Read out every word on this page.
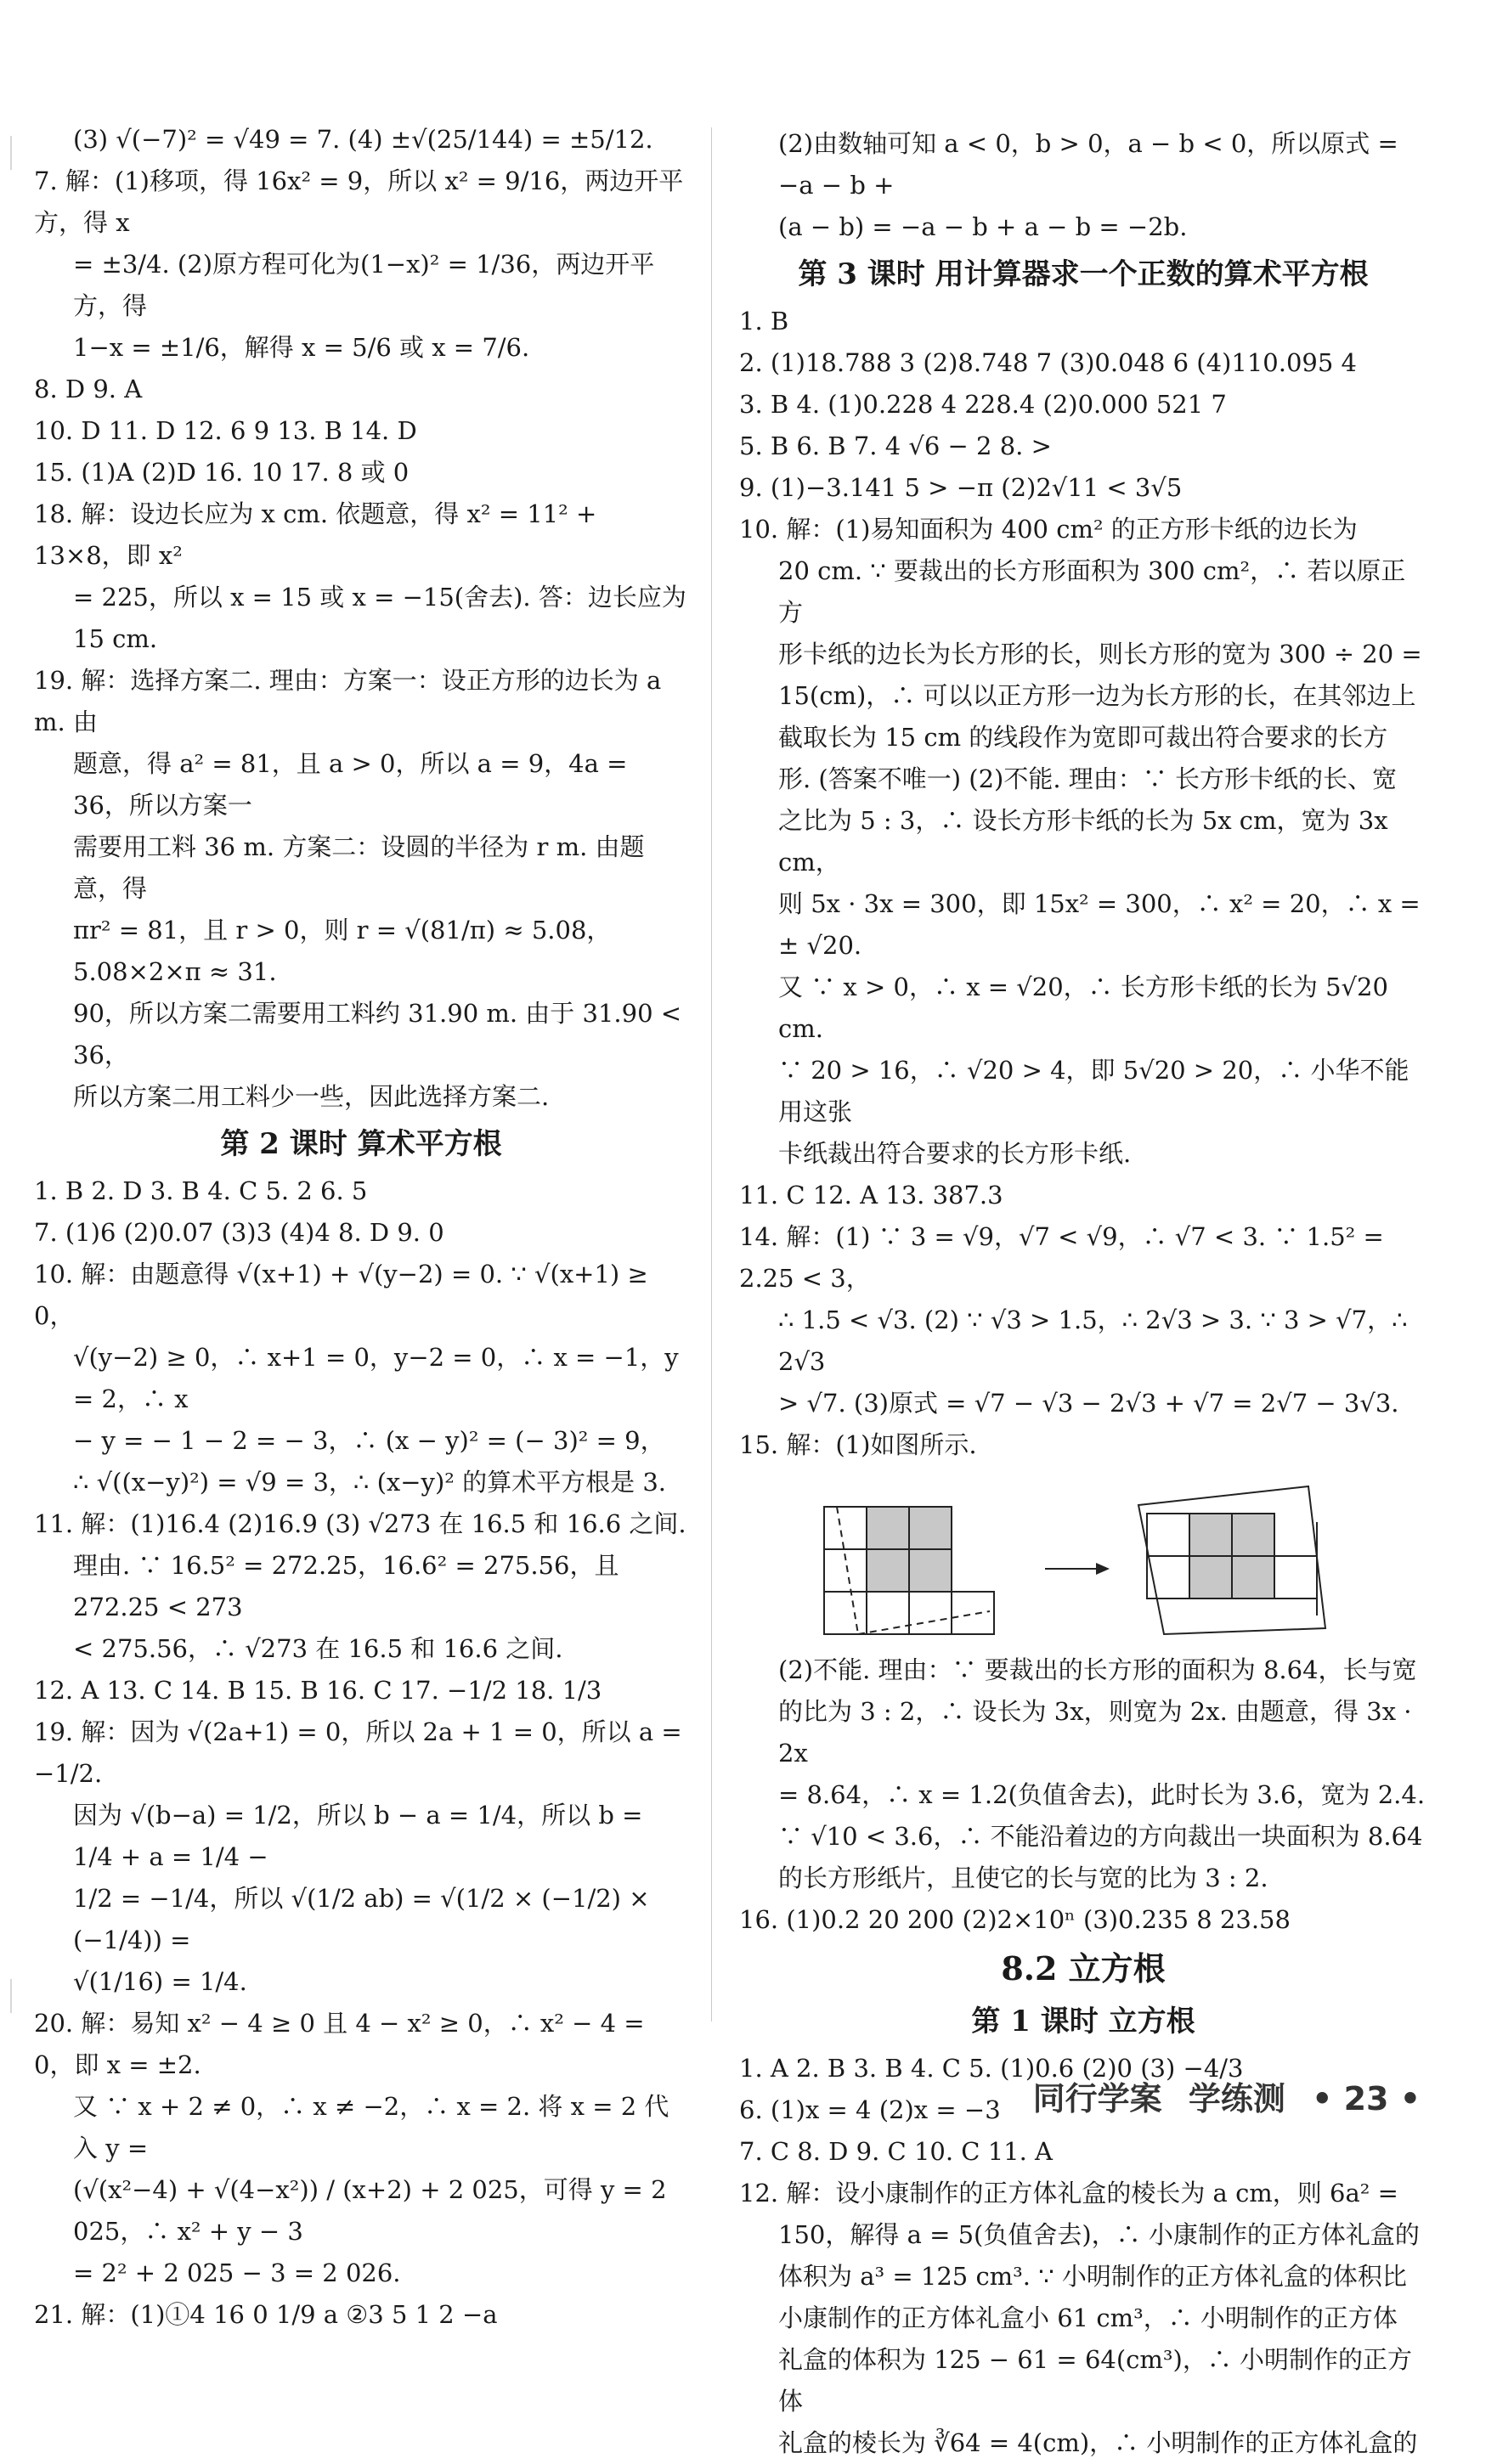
(3) √(−7)² = √49 = 7. (4) ±√(25/144) = ±5/12.

7. 解：(1)移项，得 16x² = 9，所以 x² = 9/16，两边开平方，得 x

= ±3/4. (2)原方程可化为(1−x)² = 1/36，两边开平方，得

1−x = ±1/6，解得 x = 5/6 或 x = 7/6.

8. D 9. A

10. D 11. D 12. 6 9 13. B 14. D

15. (1)A (2)D 16. 10 17. 8 或 0

18. 解：设边长应为 x cm. 依题意，得 x² = 11² + 13×8，即 x²

= 225，所以 x = 15 或 x = −15(舍去). 答：边长应为

15 cm.

19. 解：选择方案二. 理由：方案一：设正方形的边长为 a m. 由

题意，得 a² = 81，且 a > 0，所以 a = 9，4a = 36，所以方案一

需要用工料 36 m. 方案二：设圆的半径为 r m. 由题意，得

πr² = 81，且 r > 0，则 r = √(81/π) ≈ 5.08，5.08×2×π ≈ 31.

90，所以方案二需要用工料约 31.90 m. 由于 31.90 < 36，

所以方案二用工料少一些，因此选择方案二.

第 2 课时 算术平方根

1. B 2. D 3. B 4. C 5. 2 6. 5

7. (1)6 (2)0.07 (3)3 (4)4 8. D 9. 0

10. 解：由题意得 √(x+1) + √(y−2) = 0. ∵ √(x+1) ≥ 0，

√(y−2) ≥ 0，∴ x+1 = 0，y−2 = 0，∴ x = −1，y = 2，∴ x

− y = − 1 − 2 = − 3，∴ (x − y)² = (− 3)² = 9，

∴ √((x−y)²) = √9 = 3，∴ (x−y)² 的算术平方根是 3.

11. 解：(1)16.4 (2)16.9 (3) √273 在 16.5 和 16.6 之间.

理由. ∵ 16.5² = 272.25，16.6² = 275.56，且 272.25 < 273

< 275.56，∴ √273 在 16.5 和 16.6 之间.

12. A 13. C 14. B 15. B 16. C 17. −1/2 18. 1/3

19. 解：因为 √(2a+1) = 0，所以 2a + 1 = 0，所以 a = −1/2.

因为 √(b−a) = 1/2，所以 b − a = 1/4，所以 b = 1/4 + a = 1/4 −

1/2 = −1/4，所以 √(1/2 ab) = √(1/2 × (−1/2) × (−1/4)) =

√(1/16) = 1/4.

20. 解：易知 x² − 4 ≥ 0 且 4 − x² ≥ 0，∴ x² − 4 = 0，即 x = ±2.

又 ∵ x + 2 ≠ 0，∴ x ≠ −2，∴ x = 2. 将 x = 2 代入 y =

(√(x²−4) + √(4−x²)) / (x+2) + 2 025，可得 y = 2 025，∴ x² + y − 3

= 2² + 2 025 − 3 = 2 026.

21. 解：(1)①4 16 0 1/9 a ②3 5 1 2 −a

(2)由数轴可知 a < 0，b > 0，a − b < 0，所以原式 = −a − b +

(a − b) = −a − b + a − b = −2b.

第 3 课时 用计算器求一个正数的算术平方根

1. B

2. (1)18.788 3 (2)8.748 7 (3)0.048 6 (4)110.095 4

3. B 4. (1)0.228 4 228.4 (2)0.000 521 7

5. B 6. B 7. 4 √6 − 2 8. >

9. (1)−3.141 5 > −π (2)2√11 < 3√5

10. 解：(1)易知面积为 400 cm² 的正方形卡纸的边长为

20 cm. ∵ 要裁出的长方形面积为 300 cm²，∴ 若以原正方

形卡纸的边长为长方形的长，则长方形的宽为 300 ÷ 20 =

15(cm)，∴ 可以以正方形一边为长方形的长，在其邻边上

截取长为 15 cm 的线段作为宽即可裁出符合要求的长方

形. (答案不唯一) (2)不能. 理由：∵ 长方形卡纸的长、宽

之比为 5 : 3，∴ 设长方形卡纸的长为 5x cm，宽为 3x cm，

则 5x · 3x = 300，即 15x² = 300，∴ x² = 20，∴ x = ± √20.

又 ∵ x > 0，∴ x = √20，∴ 长方形卡纸的长为 5√20 cm.

∵ 20 > 16，∴ √20 > 4，即 5√20 > 20，∴ 小华不能用这张

卡纸裁出符合要求的长方形卡纸.

11. C 12. A 13. 387.3

14. 解：(1) ∵ 3 = √9，√7 < √9，∴ √7 < 3. ∵ 1.5² = 2.25 < 3，

∴ 1.5 < √3. (2) ∵ √3 > 1.5，∴ 2√3 > 3. ∵ 3 > √7，∴ 2√3

> √7. (3)原式 = √7 − √3 − 2√3 + √7 = 2√7 − 3√3.

15. 解：(1)如图所示.

(2)不能. 理由：∵ 要裁出的长方形的面积为 8.64，长与宽

的比为 3 : 2，∴ 设长为 3x，则宽为 2x. 由题意，得 3x · 2x

= 8.64，∴ x = 1.2(负值舍去)，此时长为 3.6，宽为 2.4.

∵ √10 < 3.6，∴ 不能沿着边的方向裁出一块面积为 8.64

的长方形纸片，且使它的长与宽的比为 3 : 2.

16. (1)0.2 20 200 (2)2×10ⁿ (3)0.235 8 23.58

8.2 立方根
第 1 课时 立方根

1. A 2. B 3. B 4. C 5. (1)0.6 (2)0 (3) −4/3

6. (1)x = 4 (2)x = −3

7. C 8. D 9. C 10. C 11. A

12. 解：设小康制作的正方体礼盒的棱长为 a cm，则 6a² =

150，解得 a = 5(负值舍去)，∴ 小康制作的正方体礼盒的

体积为 a³ = 125 cm³. ∵ 小明制作的正方体礼盒的体积比

小康制作的正方体礼盒小 61 cm³，∴ 小明制作的正方体

礼盒的体积为 125 − 61 = 64(cm³)，∴ 小明制作的正方体

礼盒的棱长为 ∛64 = 4(cm)，∴ 小明制作的正方体礼盒的

同行学案 学练测 • 23 •
